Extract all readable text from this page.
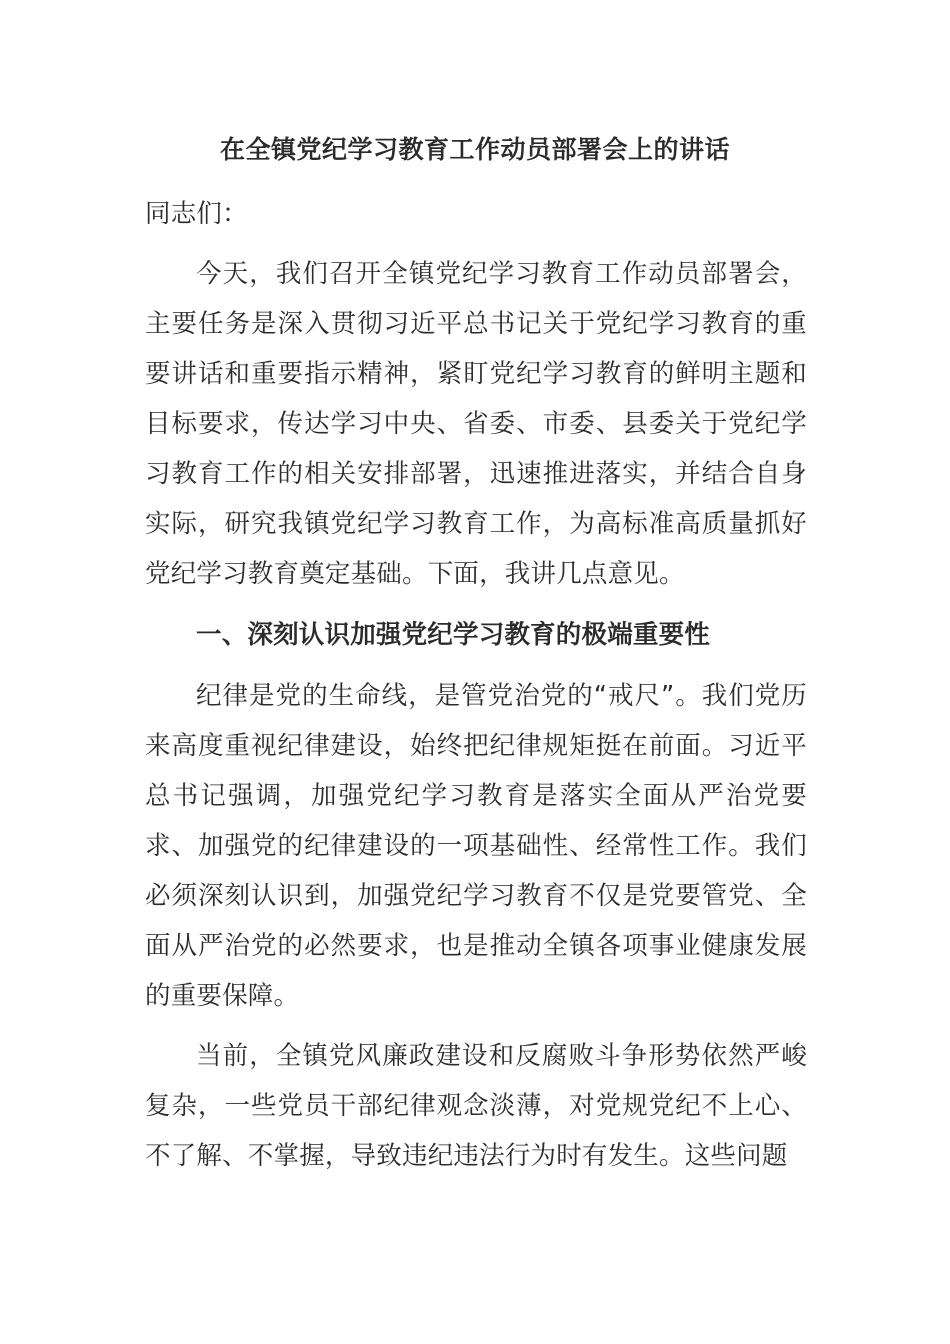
在全镇党纪学习教育工作动员部署会上的讲话

同志们：

今天，我们召开全镇党纪学习教育工作动员部署会，主要任务是深入贯彻习近平总书记关于党纪学习教育的重要讲话和重要指示精神，紧盯党纪学习教育的鲜明主题和目标要求，传达学习中央、省委、市委、县委关于党纪学习教育工作的相关安排部署，迅速推进落实，并结合自身实际，研究我镇党纪学习教育工作，为高标准高质量抓好党纪学习教育奠定基础。下面，我讲几点意见。

一、深刻认识加强党纪学习教育的极端重要性

纪律是党的生命线，是管党治党的“戒尺”。我们党历来高度重视纪律建设，始终把纪律规矩挺在前面。习近平总书记强调，加强党纪学习教育是落实全面从严治党要求、加强党的纪律建设的一项基础性、经常性工作。我们必须深刻认识到，加强党纪学习教育不仅是党要管党、全面从严治党的必然要求，也是推动全镇各项事业健康发展的重要保障。

当前，全镇党风廉政建设和反腐败斗争形势依然严峻复杂，一些党员干部纪律观念淡薄，对党规党纪不上心、不了解、不掌握，导致违纪违法行为时有发生。这些问题
